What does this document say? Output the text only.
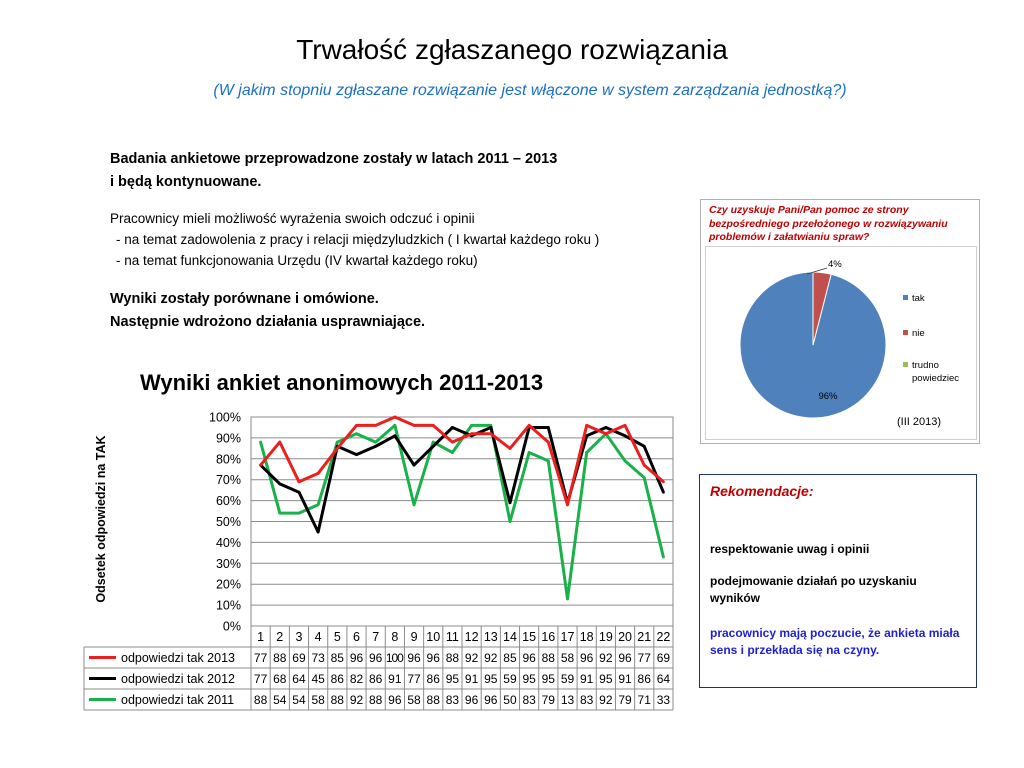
Trwałość zgłaszanego rozwiązania
(W jakim stopniu zgłaszane rozwiązanie jest włączone w system zarządzania jednostką?)
Badania ankietowe przeprowadzone zostały w latach 2011 – 2013
i będą kontynuowane.
Pracownicy mieli możliwość wyrażenia swoich odczuć i opinii
- na temat zadowolenia z pracy i relacji międzyludzkich ( I kwartał każdego roku )
- na temat funkcjonowania Urzędu (IV kwartał każdego roku)
Wyniki zostały porównane i omówione.
Następnie wdrożono działania usprawniające.
Wyniki ankiet anonimowych 2011-2013
Odsetek odpowiedzi na TAK
0%
10%
20%
30%
40%
50%
60%
70%
80%
90%
100%
1 2 3 4 5 6 7 8 9 10 11 12 13 14 15 16 17 18 19 20 21 22
odpowiedzi tak 2013 77 88 69 73 85 96 96 100 96 96 88 92 92 85 96 88 58 96 92 96 77 69
odpowiedzi tak 2012 77 68 64 45 86 82 86 91 77 86 95 91 95 59 95 95 59 91 95 91 86 64
odpowiedzi tak 2011 88 54 54 58 88 92 88 96 58 88 83 96 96 50 83 79 13 83 92 79 71 33
Czy uzyskuje Pani/Pan pomoc ze strony bezpośredniego przełożonego w rozwiązywaniu problemów i załatwianiu spraw?
96%
4%
tak
nie
trudno
powiedziec
(III 2013)
Rekomendacje:
respektowanie uwag i opinii
podejmowanie działań po uzyskaniu wyników
pracownicy mają poczucie, że ankieta miała sens i przekłada się na czyny.
